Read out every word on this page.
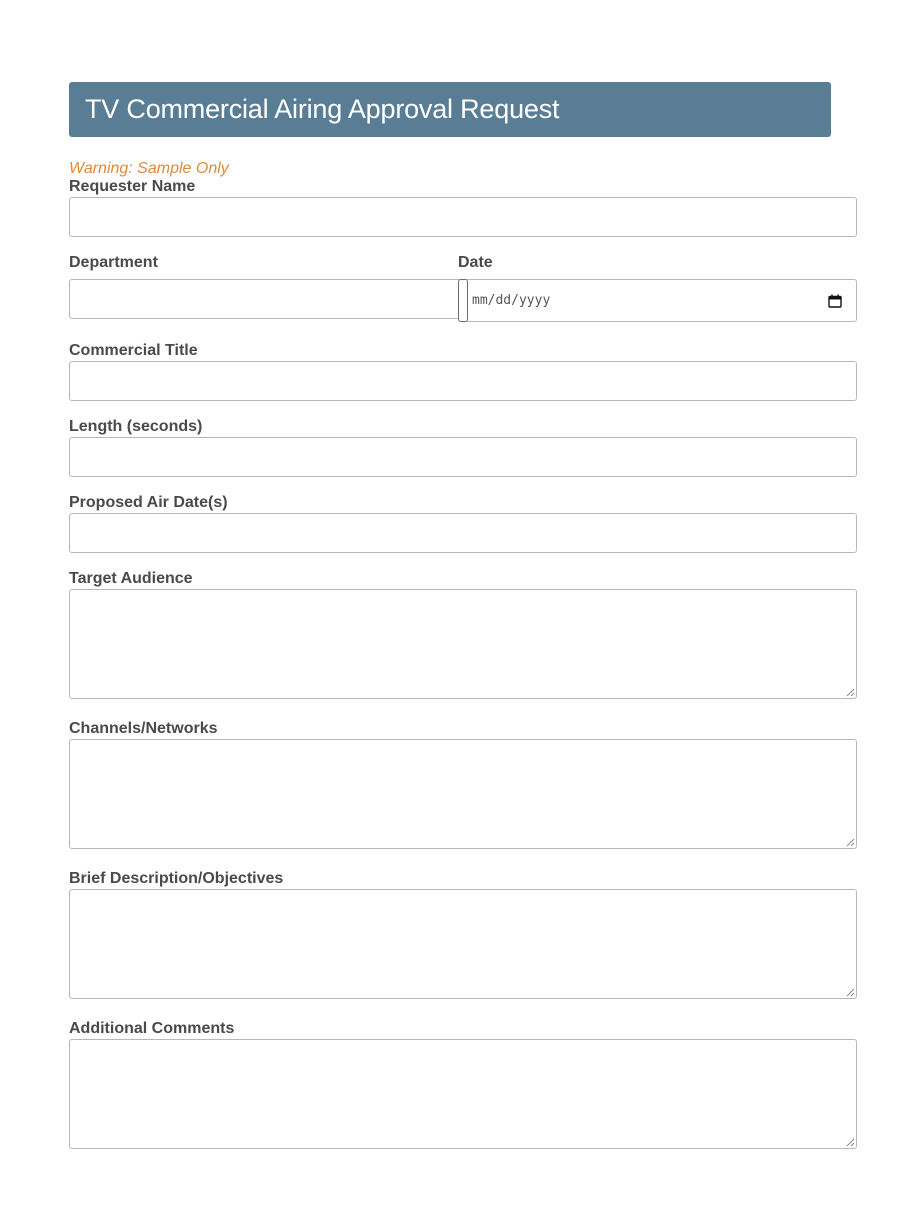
TV Commercial Airing Approval Request
Warning: Sample Only
Requester Name
Department	Date
mm/dd/yyyy
Commercial Title
Length (seconds)
Proposed Air Date(s)
Target Audience
Channels/Networks
Brief Description/Objectives
Additional Comments
